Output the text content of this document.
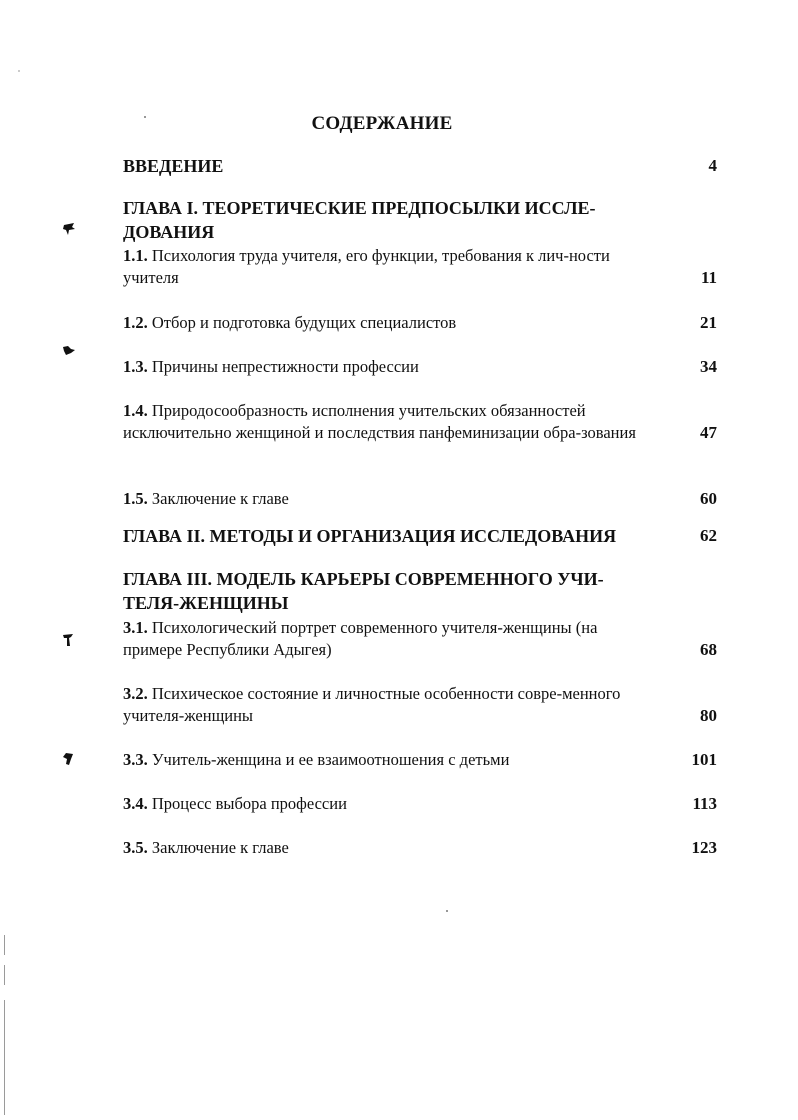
СОДЕРЖАНИЕ
ВВЕДЕНИЕ	4
ГЛАВА I. ТЕОРЕТИЧЕСКИЕ ПРЕДПОСЫЛКИ ИССЛЕ-ДОВАНИЯ
1.1. Психология труда учителя, его функции, требования к лич-ности учителя	11
1.2. Отбор и подготовка будущих специалистов	21
1.3. Причины непрестижности профессии	34
1.4. Природосообразность исполнения учительских обязанностей исключительно женщиной и последствия панфеминизации обра-зования	47
1.5. Заключение к главе	60
ГЛАВА II. МЕТОДЫ И ОРГАНИЗАЦИЯ ИССЛЕДОВАНИЯ	62
ГЛАВА III. МОДЕЛЬ КАРЬЕРЫ СОВРЕМЕННОГО УЧИ-ТЕЛЯ-ЖЕНЩИНЫ
3.1. Психологический портрет современного учителя-женщины (на примере Республики Адыгея)	68
3.2. Психическое состояние и личностные особенности совре-менного учителя-женщины	80
3.3. Учитель-женщина и ее взаимоотношения с детьми	101
3.4. Процесс выбора профессии	113
3.5. Заключение к главе	123
